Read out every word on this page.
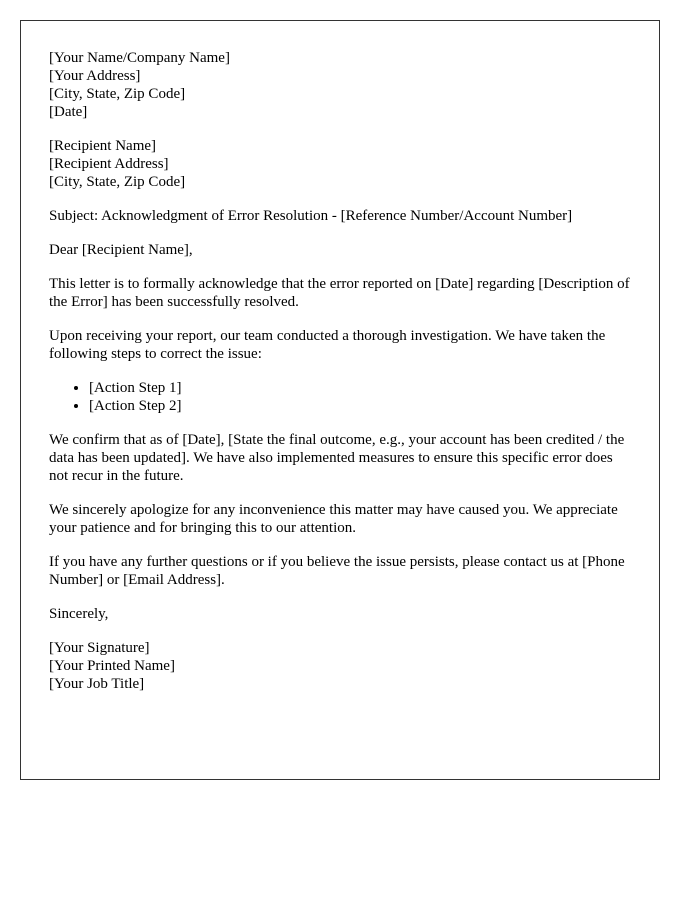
[Your Name/Company Name]
[Your Address]
[City, State, Zip Code]
[Date]
[Recipient Name]
[Recipient Address]
[City, State, Zip Code]

Subject: Acknowledgment of Error Resolution - [Reference Number/Account Number]

Dear [Recipient Name],

This letter is to formally acknowledge that the error reported on [Date] regarding [Description of the Error] has been successfully resolved.

Upon receiving your report, our team conducted a thorough investigation. We have taken the following steps to correct the issue:

• [Action Step 1]
• [Action Step 2]

We confirm that as of [Date], [State the final outcome, e.g., your account has been credited / the data has been updated]. We have also implemented measures to ensure this specific error does not recur in the future.

We sincerely apologize for any inconvenience this matter may have caused you. We appreciate your patience and for bringing this to our attention.

If you have any further questions or if you believe the issue persists, please contact us at [Phone Number] or [Email Address].

Sincerely,

[Your Signature]
[Your Printed Name]
[Your Job Title]
